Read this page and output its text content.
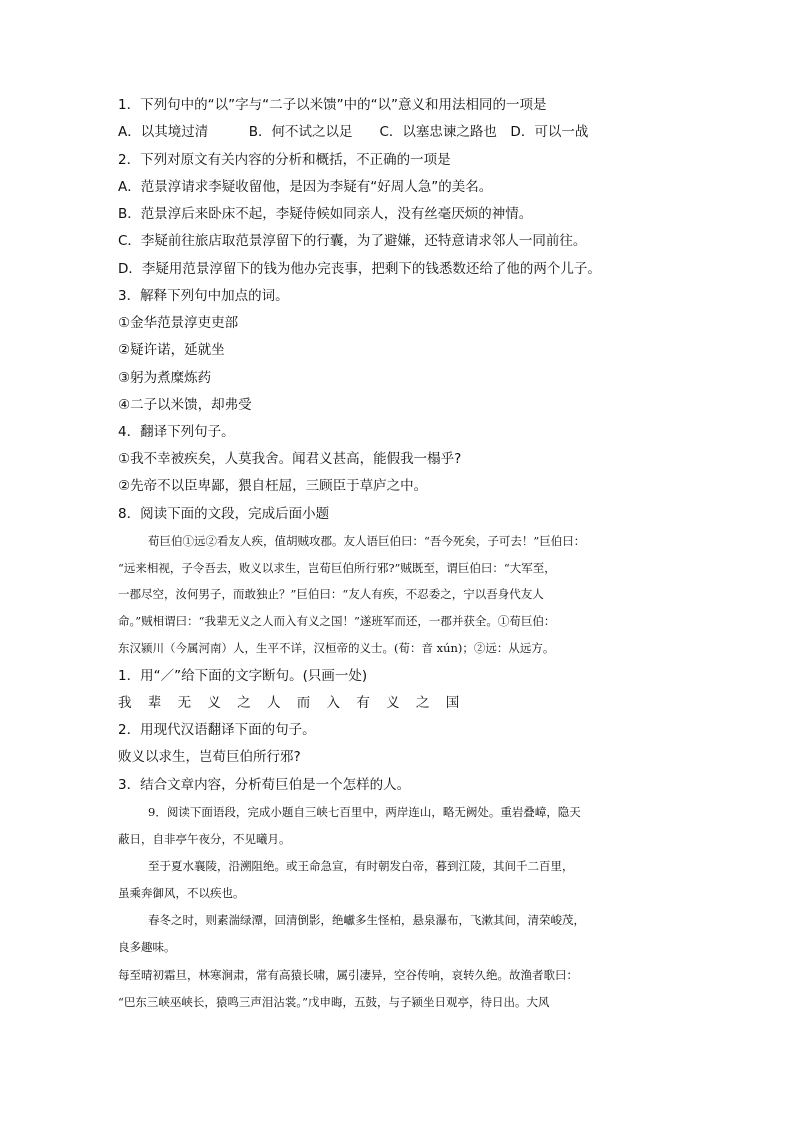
1．下列句中的“以”字与“二子以米馈”中的“以”意义和用法相同的一项是
A．以其境过清　　　B．何不试之以足　　C．以塞忠谏之路也　D．可以一战
2．下列对原文有关内容的分析和概括，不正确的一项是
A．范景淳请求李疑收留他，是因为李疑有“好周人急”的美名。
B．范景淳后来卧床不起，李疑侍候如同亲人，没有丝毫厌烦的神情。
C．李疑前往旅店取范景淳留下的行囊，为了避嫌，还特意请求邻人一同前往。
D．李疑用范景淳留下的钱为他办完丧事，把剩下的钱悉数还给了他的两个儿子。
3．解释下列句中加点的词。
①金华范景淳吏吏部
②疑许诺，延就坐
③躬为煮糜炼药
④二子以米馈，却弗受
4．翻译下列句子。
①我不幸被疾矣，人莫我舍。闻君义甚高，能假我一榻乎?
②先帝不以臣卑鄙，猥自枉屈，三顾臣于草庐之中。
8．阅读下面的文段，完成后面小题
荀巨伯①远②看友人疾，值胡贼攻郡。友人语巨伯曰：“吾今死矣，子可去！”巨伯曰：
“远来相视，子令吾去，败义以求生，岂荀巨伯所行邪?”贼既至，谓巨伯曰：“大军至，
一郡尽空，汝何男子，而敢独止？”巨伯曰：“友人有疾，不忍委之，宁以吾身代友人
命。”贼相谓曰：“我辈无义之人而入有义之国！”遂班军而还，一郡并获全。①荀巨伯：
东汉颍川（今属河南）人，生平不详，汉桓帝的义士。(荀：音 xún)；②远：从远方。
1．用“／”给下面的文字断句。(只画一处)
我 辈 无 义 之 人 而 入 有 义 之 国
2．用现代汉语翻译下面的句子。
败义以求生，岂荀巨伯所行邪?
3．结合文章内容，分析荀巨伯是一个怎样的人。
9．阅读下面语段，完成小题自三峡七百里中，两岸连山，略无阙处。重岩叠嶂，隐天
蔽日，自非亭午夜分，不见曦月。
至于夏水襄陵，沿溯阻绝。或王命急宣，有时朝发白帝，暮到江陵，其间千二百里，
虽乘奔御风，不以疾也。
春冬之时，则素湍绿潭，回清倒影，绝巘多生怪柏，悬泉瀑布，飞漱其间，清荣峻茂，
良多趣味。
每至晴初霜旦，林寒涧肃，常有高猿长啸，属引凄异，空谷传响，哀转久绝。故渔者歌曰：
“巴东三峡巫峡长，猿鸣三声泪沾裳。”戊申晦，五鼓，与子颍坐日观亭，待日出。大风
